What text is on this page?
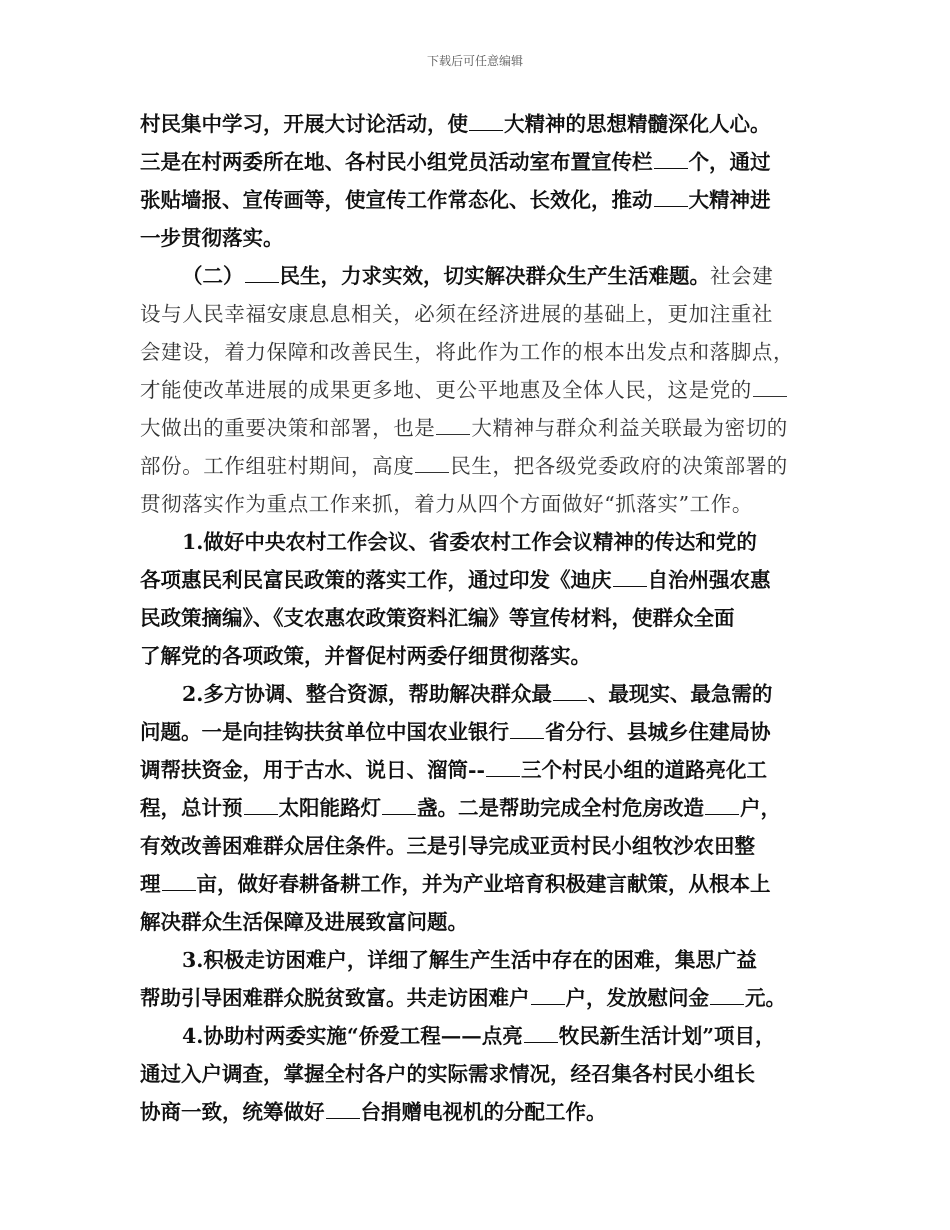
下载后可任意编辑
村民集中学习，开展大讨论活动，使 大精神的思想精髓深化人心。
三是在村两委所在地、各村民小组党员活动室布置宣传栏 个，通过
张贴墙报、宣传画等，使宣传工作常态化、长效化，推动 大精神进
一步贯彻落实。
（二） 民生，力求实效，切实解决群众生产生活难题。社会建
设与人民幸福安康息息相关，必须在经济进展的基础上，更加注重社
会建设，着力保障和改善民生，将此作为工作的根本出发点和落脚点，
才能使改革进展的成果更多地、更公平地惠及全体人民，这是党的
大做出的重要决策和部署，也是 大精神与群众利益关联最为密切的
部份。工作组驻村期间，高度 民生，把各级党委政府的决策部署的
贯彻落实作为重点工作来抓，着力从四个方面做好“抓落实”工作。
1.做好中央农村工作会议、省委农村工作会议精神的传达和党的
各项惠民利民富民政策的落实工作，通过印发《迪庆 自治州强农惠
民政策摘编》、《支农惠农政策资料汇编》等宣传材料，使群众全面
了解党的各项政策，并督促村两委仔细贯彻落实。
2.多方协调、整合资源，帮助解决群众最 、最现实、最急需的
问题。一是向挂钩扶贫单位中国农业银行 省分行、县城乡住建局协
调帮扶资金，用于古水、说日、溜筒-- 三个村民小组的道路亮化工
程，总计预 太阳能路灯 盏。二是帮助完成全村危房改造 户，
有效改善困难群众居住条件。三是引导完成亚贡村民小组牧沙农田整
理 亩，做好春耕备耕工作，并为产业培育积极建言献策，从根本上
解决群众生活保障及进展致富问题。
3.积极走访困难户，详细了解生产生活中存在的困难，集思广益
帮助引导困难群众脱贫致富。共走访困难户 户，发放慰问金 元。
4.协助村两委实施“侨爱工程——点亮 牧民新生活计划”项目，
通过入户调查，掌握全村各户的实际需求情况，经召集各村民小组长
协商一致，统筹做好 台捐赠电视机的分配工作。
